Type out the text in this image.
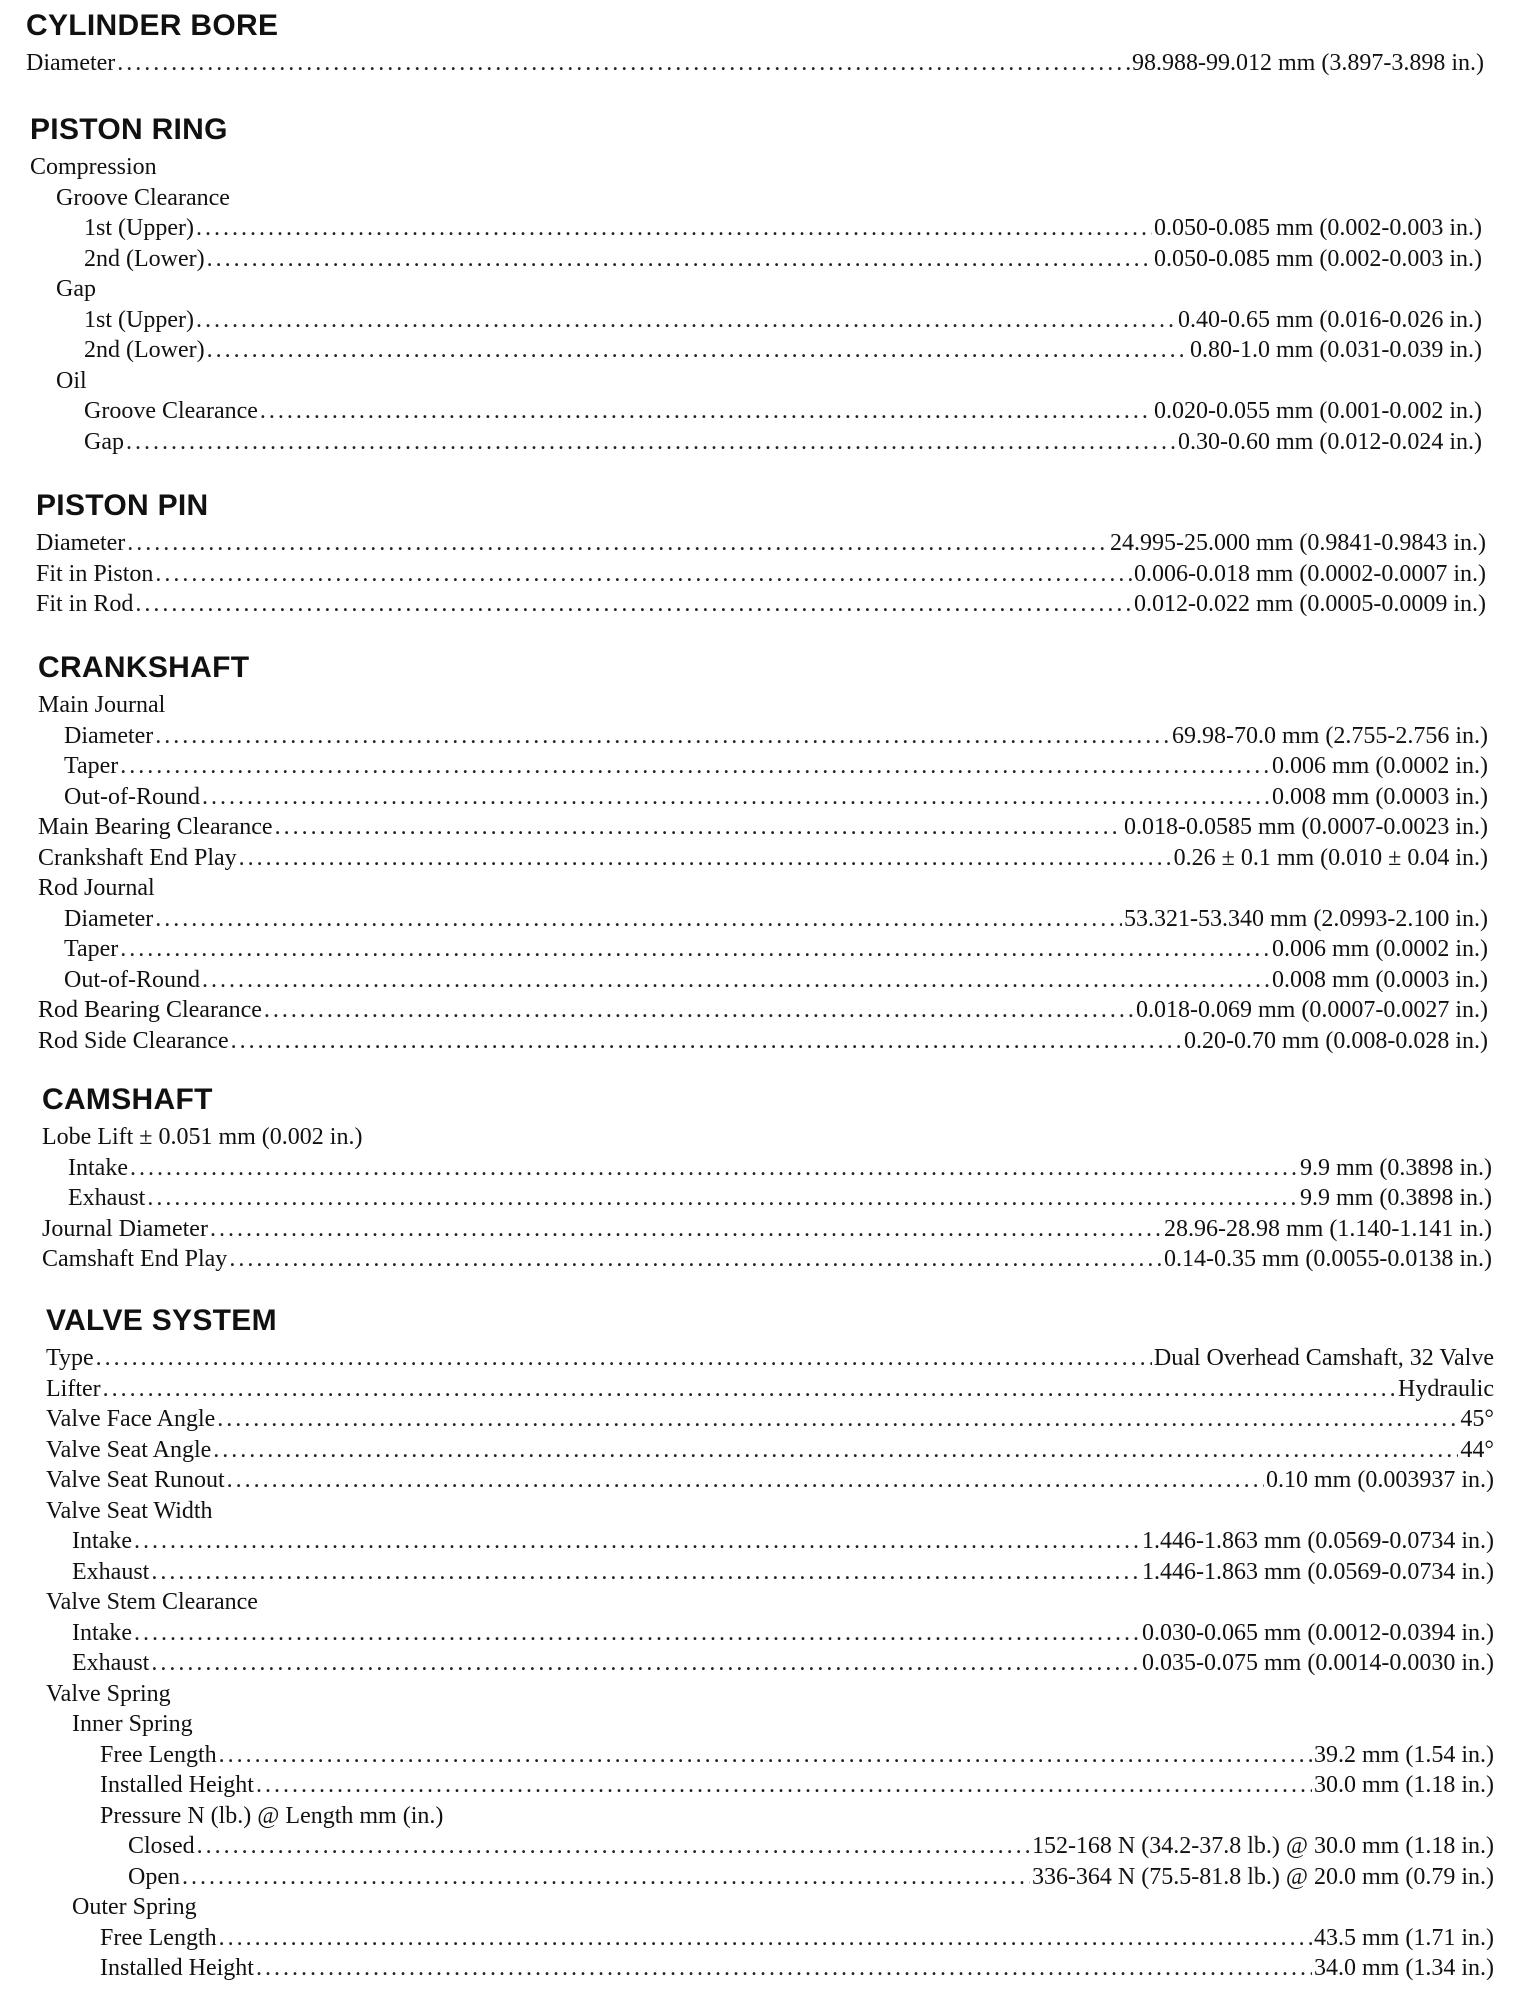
CYLINDER BORE
Diameter .....	98.988-99.012 mm (3.897-3.898 in.)
PISTON RING
Compression
Groove Clearance
1st (Upper) .....	0.050-0.085 mm (0.002-0.003 in.)
2nd (Lower) .....	0.050-0.085 mm (0.002-0.003 in.)
Gap
1st (Upper) .....	0.40-0.65 mm (0.016-0.026 in.)
2nd (Lower) .....	0.80-1.0 mm (0.031-0.039 in.)
Oil
Groove Clearance .....	0.020-0.055 mm (0.001-0.002 in.)
Gap .....	0.30-0.60 mm (0.012-0.024 in.)
PISTON PIN
Diameter .....	24.995-25.000 mm (0.9841-0.9843 in.)
Fit in Piston .....	0.006-0.018 mm (0.0002-0.0007 in.)
Fit in Rod .....	0.012-0.022 mm (0.0005-0.0009 in.)
CRANKSHAFT
Main Journal
Diameter .....	69.98-70.0 mm (2.755-2.756 in.)
Taper .....	0.006 mm (0.0002 in.)
Out-of-Round .....	0.008 mm (0.0003 in.)
Main Bearing Clearance .....	0.018-0.0585 mm (0.0007-0.0023 in.)
Crankshaft End Play .....	0.26 ± 0.1 mm (0.010 ± 0.04 in.)
Rod Journal
Diameter .....	53.321-53.340 mm (2.0993-2.100 in.)
Taper .....	0.006 mm (0.0002 in.)
Out-of-Round .....	0.008 mm (0.0003 in.)
Rod Bearing Clearance .....	0.018-0.069 mm (0.0007-0.0027 in.)
Rod Side Clearance .....	0.20-0.70 mm (0.008-0.028 in.)
CAMSHAFT
Lobe Lift ± 0.051 mm (0.002 in.)
Intake .....	9.9 mm (0.3898 in.)
Exhaust .....	9.9 mm (0.3898 in.)
Journal Diameter .....	28.96-28.98 mm (1.140-1.141 in.)
Camshaft End Play .....	0.14-0.35 mm (0.0055-0.0138 in.)
VALVE SYSTEM
Type .....	Dual Overhead Camshaft, 32 Valve
Lifter .....	Hydraulic
Valve Face Angle .....	45°
Valve Seat Angle .....	44°
Valve Seat Runout .....	0.10 mm (0.003937 in.)
Valve Seat Width
Intake .....	1.446-1.863 mm (0.0569-0.0734 in.)
Exhaust .....	1.446-1.863 mm (0.0569-0.0734 in.)
Valve Stem Clearance
Intake .....	0.030-0.065 mm (0.0012-0.0394 in.)
Exhaust .....	0.035-0.075 mm (0.0014-0.0030 in.)
Valve Spring
Inner Spring
Free Length .....	39.2 mm (1.54 in.)
Installed Height .....	30.0 mm (1.18 in.)
Pressure N (lb.) @ Length mm (in.)
Closed .....	152-168 N (34.2-37.8 lb.) @ 30.0 mm (1.18 in.)
Open .....	336-364 N (75.5-81.8 lb.) @ 20.0 mm (0.79 in.)
Outer Spring
Free Length .....	43.5 mm (1.71 in.)
Installed Height .....	34.0 mm (1.34 in.)
